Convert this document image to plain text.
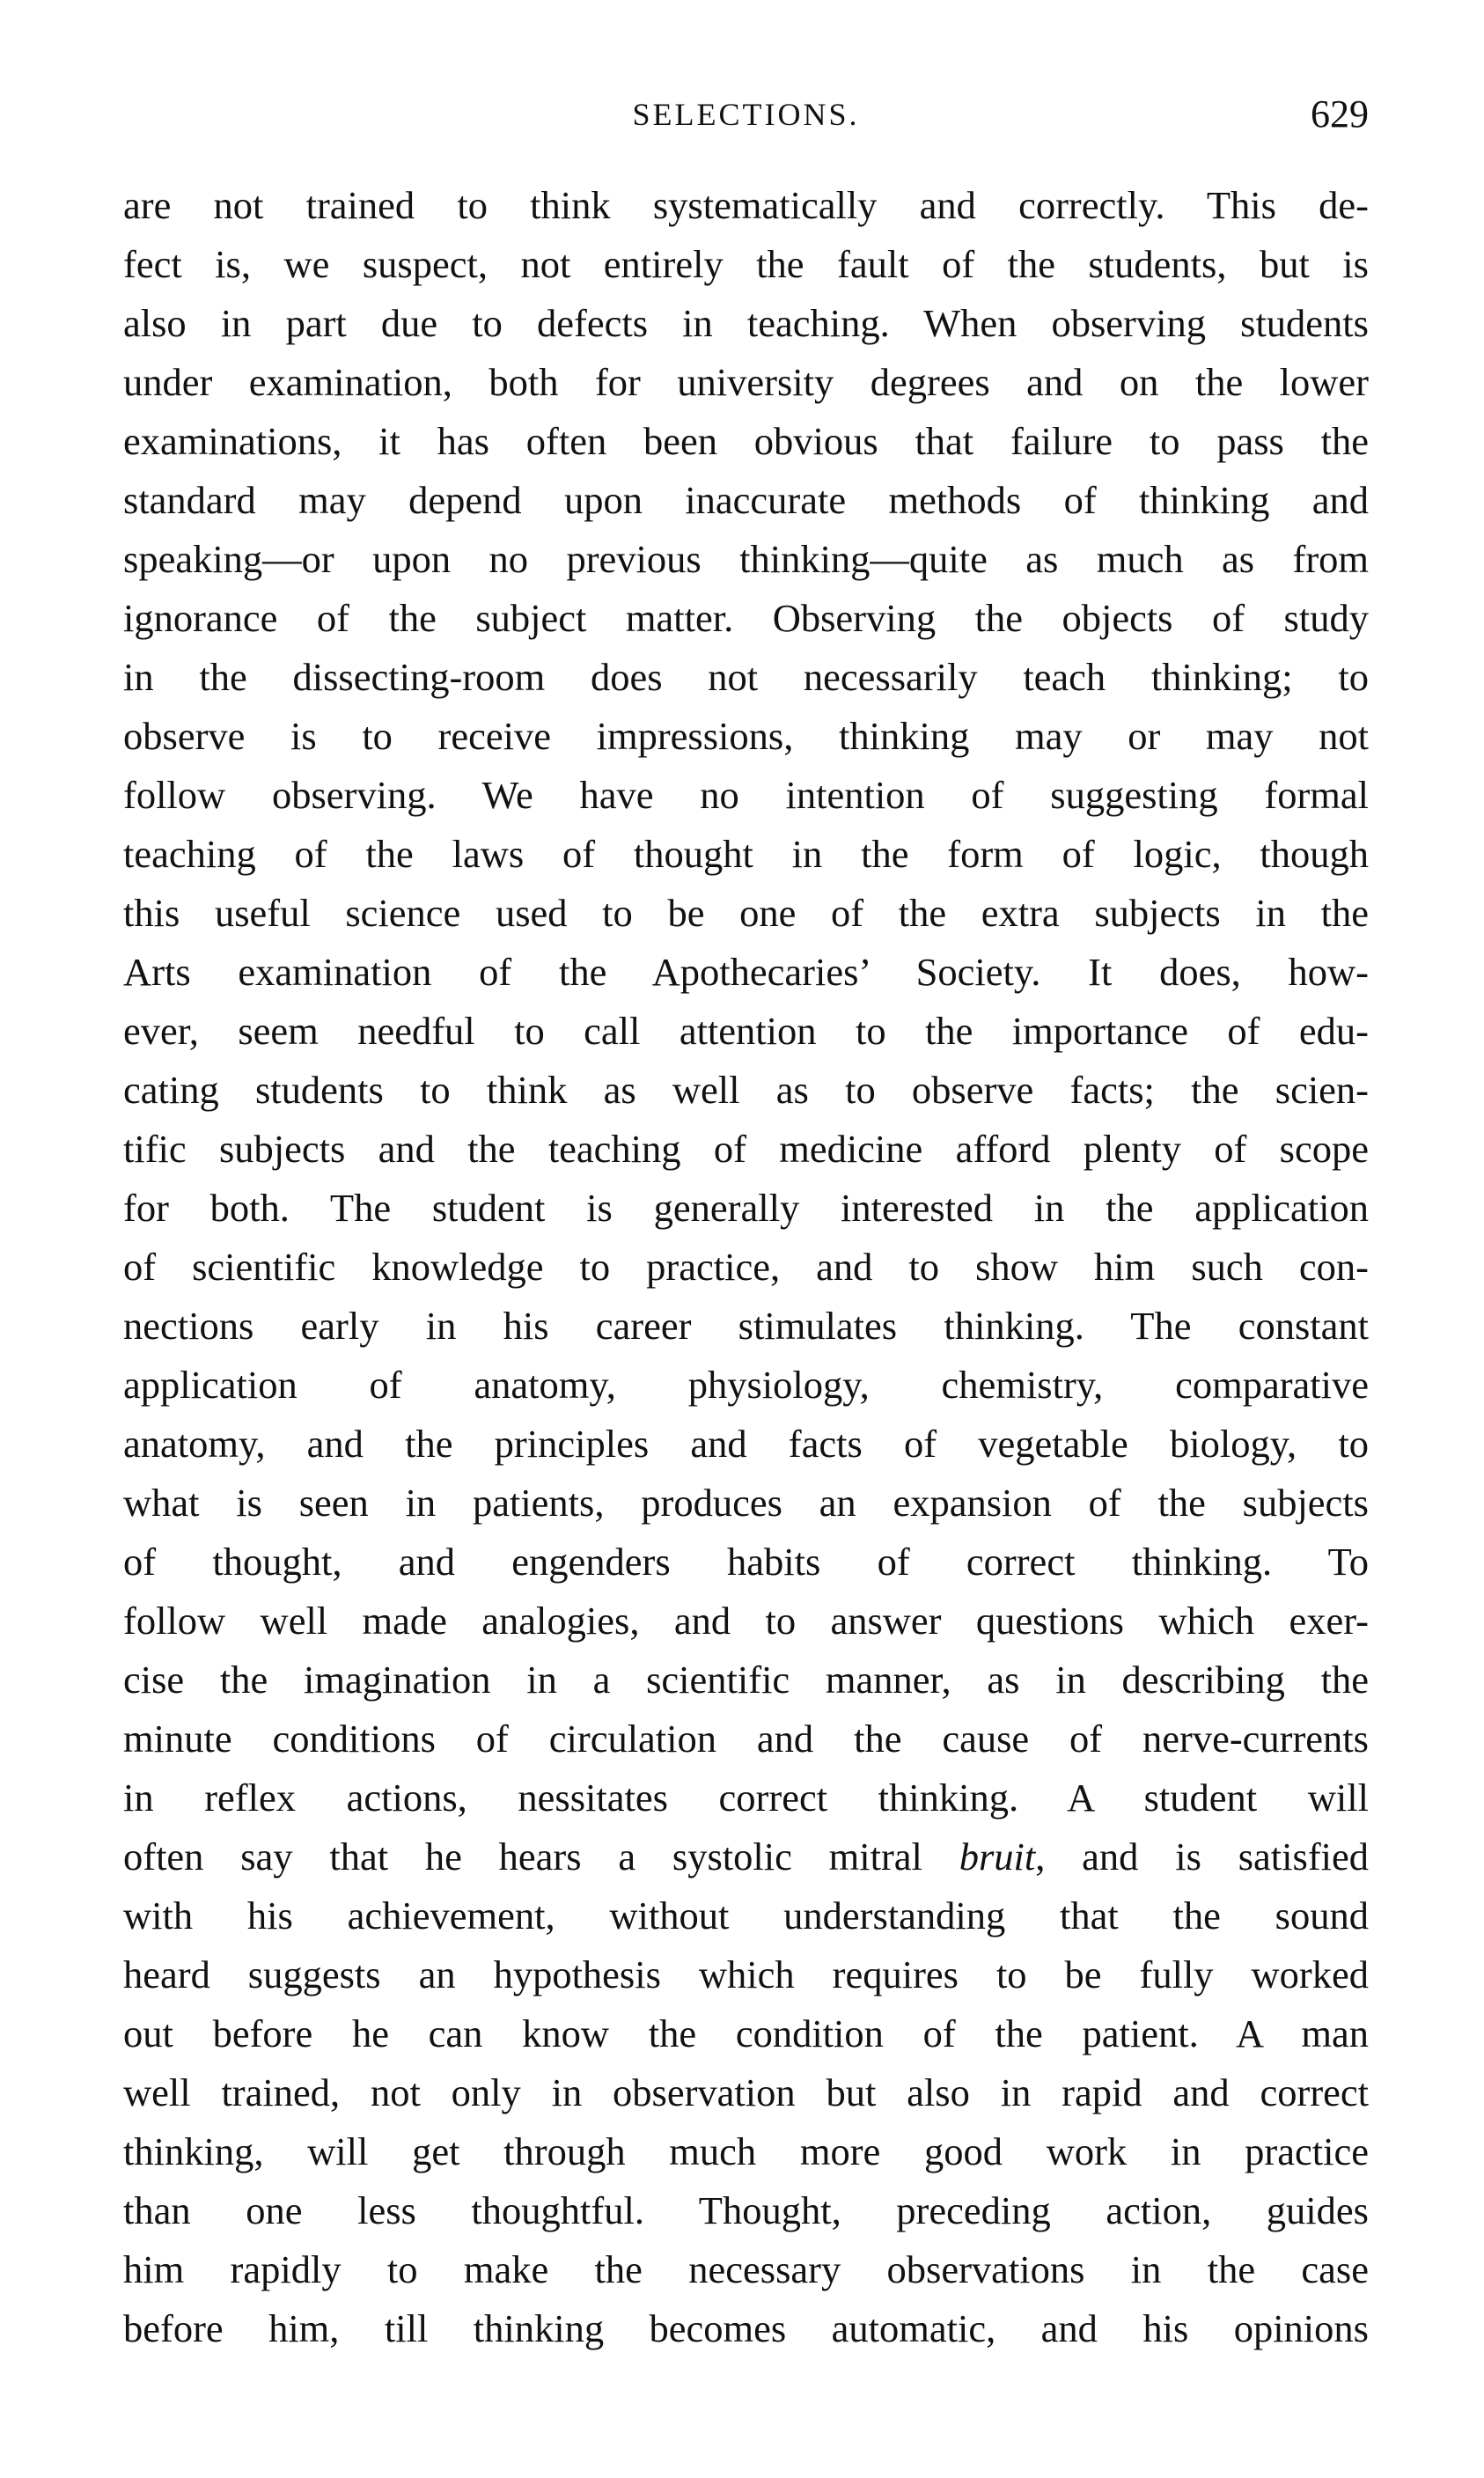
SELECTIONS.	629
are not trained to think systematically and correctly. This de-
fect is, we suspect, not entirely the fault of the students, but is
also in part due to defects in teaching. When observing students
under examination, both for university degrees and on the lower
examinations, it has often been obvious that failure to pass the
standard may depend upon inaccurate methods of thinking and
speaking—or upon no previous thinking—quite as much as from
ignorance of the subject matter. Observing the objects of study
in the dissecting-room does not necessarily teach thinking; to
observe is to receive impressions, thinking may or may not
follow observing. We have no intention of suggesting formal
teaching of the laws of thought in the form of logic, though
this useful science used to be one of the extra subjects in the
Arts examination of the Apothecaries’ Society. It does, how-
ever, seem needful to call attention to the importance of edu-
cating students to think as well as to observe facts; the scien-
tific subjects and the teaching of medicine afford plenty of scope
for both. The student is generally interested in the application
of scientific knowledge to practice, and to show him such con-
nections early in his career stimulates thinking. The constant
application of anatomy, physiology, chemistry, comparative
anatomy, and the principles and facts of vegetable biology, to
what is seen in patients, produces an expansion of the subjects
of thought, and engenders habits of correct thinking. To
follow well made analogies, and to answer questions which exer-
cise the imagination in a scientific manner, as in describing the
minute conditions of circulation and the cause of nerve-currents
in reflex actions, nessitates correct thinking. A student will
often say that he hears a systolic mitral bruit, and is satisfied
with his achievement, without understanding that the sound
heard suggests an hypothesis which requires to be fully worked
out before he can know the condition of the patient. A man
well trained, not only in observation but also in rapid and correct
thinking, will get through much more good work in practice
than one less thoughtful. Thought, preceding action, guides
him rapidly to make the necessary observations in the case
before him, till thinking becomes automatic, and his opinions
